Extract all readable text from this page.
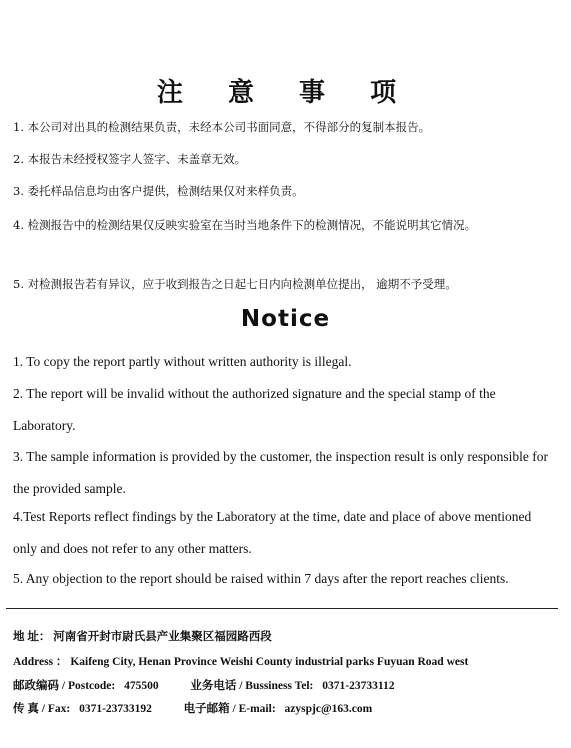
注 意 事 项

1. 本公司对出具的检测结果负责，未经本公司书面同意，不得部分的复制本报告。

2. 本报告未经授权签字人签字、未盖章无效。

3. 委托样品信息均由客户提供，检测结果仅对来样负责。

4. 检测报告中的检测结果仅反映实验室在当时当地条件下的检测情况，不能说明其它情况。

5. 对检测报告若有异议，应于收到报告之日起七日内向检测单位提出， 逾期不予受理。

Notice

1. To copy the report partly without written authority is illegal.

2. The report will be invalid without the authorized signature and the special stamp of the Laboratory.

3. The sample information is provided by the customer, the inspection result is only responsible for the provided sample.

4.Test Reports reflect findings by the Laboratory at the time, date and place of above mentioned only and does not refer to any other matters.

5. Any objection to the report should be raised within 7 days after the report reaches clients.

地 址： 河南省开封市尉氏县产业集聚区福园路西段

Address ： Kaifeng City, Henan Province Weishi County industrial parks Fuyuan Road west

邮政编码 / Postcode: 475500	业务电话 / Bussiness Tel: 0371-23733112

传 真 / Fax: 0371-23733192	电子邮箱 / E-mail: azyspjc@163.com
